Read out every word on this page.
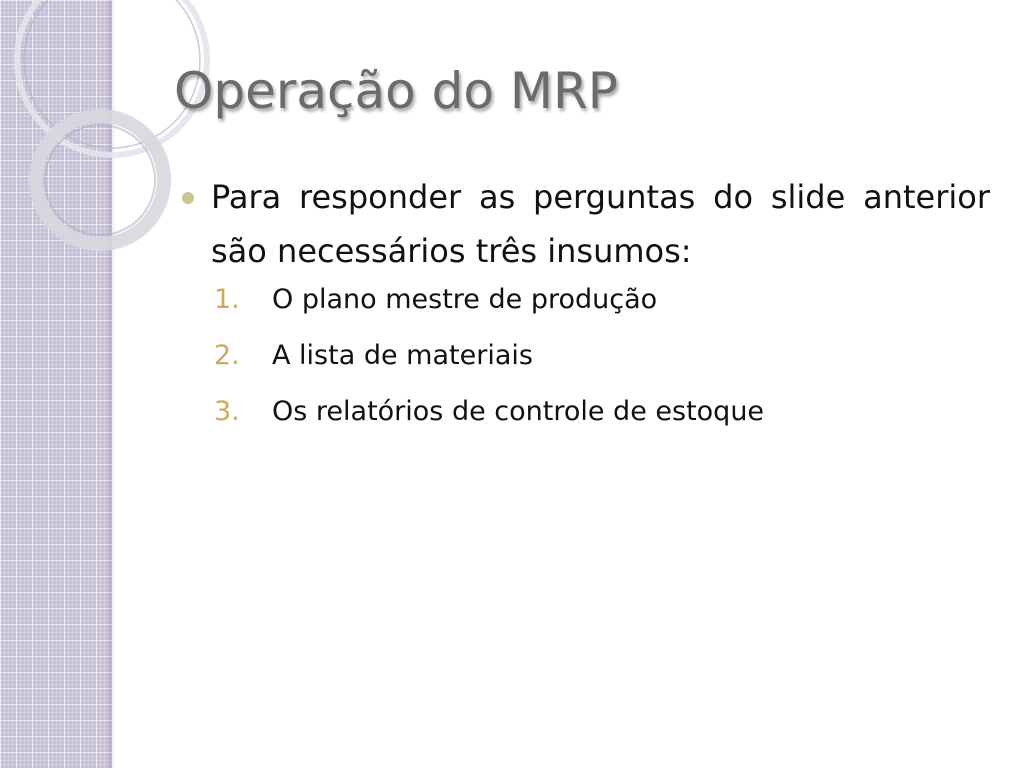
Operação do MRP
Para responder as perguntas do slide anterior são necessários três insumos:
1.	O plano mestre de produção
2.	A lista de materiais
3.	Os relatórios de controle de estoque
